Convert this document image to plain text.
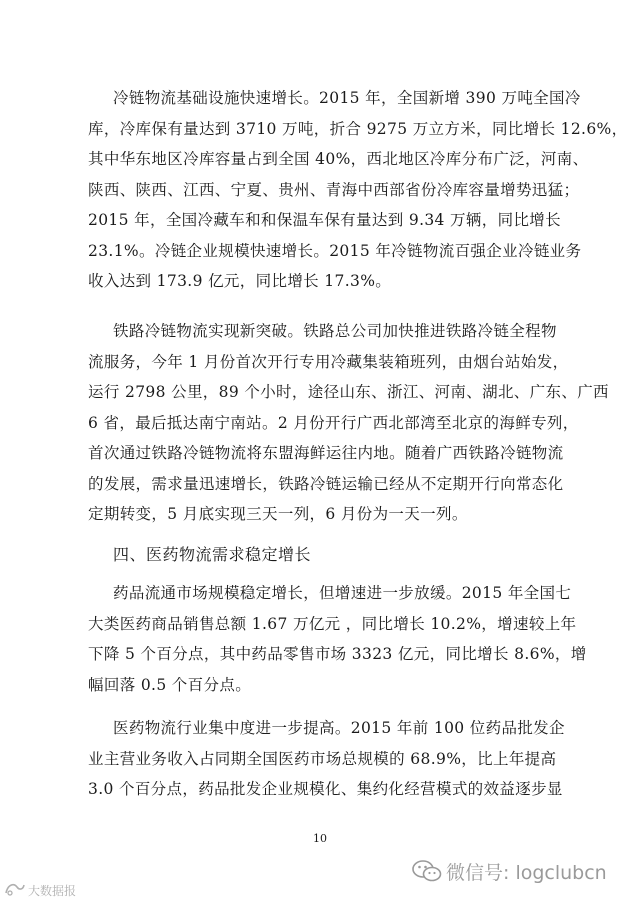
冷链物流基础设施快速增长。2015 年，全国新增 390 万吨全国冷
库，冷库保有量达到 3710 万吨，折合 9275 万立方米，同比增长 12.6%，
其中华东地区冷库容量占到全国 40%，西北地区冷库分布广泛，河南、
陕西、陕西、江西、宁夏、贵州、青海中西部省份冷库容量增势迅猛；
2015 年，全国冷藏车和和保温车保有量达到 9.34 万辆，同比增长
23.1%。冷链企业规模快速增长。2015 年冷链物流百强企业冷链业务
收入达到 173.9 亿元，同比增长 17.3%。
铁路冷链物流实现新突破。铁路总公司加快推进铁路冷链全程物
流服务，今年 1 月份首次开行专用冷藏集装箱班列，由烟台站始发，
运行 2798 公里，89 个小时，途径山东、浙江、河南、湖北、广东、广西
6 省，最后抵达南宁南站。2 月份开行广西北部湾至北京的海鲜专列，
首次通过铁路冷链物流将东盟海鲜运往内地。随着广西铁路冷链物流
的发展，需求量迅速增长，铁路冷链运输已经从不定期开行向常态化
定期转变，5 月底实现三天一列，6 月份为一天一列。
四、医药物流需求稳定增长
药品流通市场规模稳定增长，但增速进一步放缓。2015 年全国七
大类医药商品销售总额 1.67 万亿元 ，同比增长 10.2%，增速较上年
下降 5 个百分点，其中药品零售市场 3323 亿元，同比增长 8.6%，增
幅回落 0.5 个百分点。
医药物流行业集中度进一步提高。2015 年前 100 位药品批发企
业主营业务收入占同期全国医药市场总规模的 68.9%，比上年提高
3.0 个百分点，药品批发企业规模化、集约化经营模式的效益逐步显
10
微信号: logclubcn
大数据报
